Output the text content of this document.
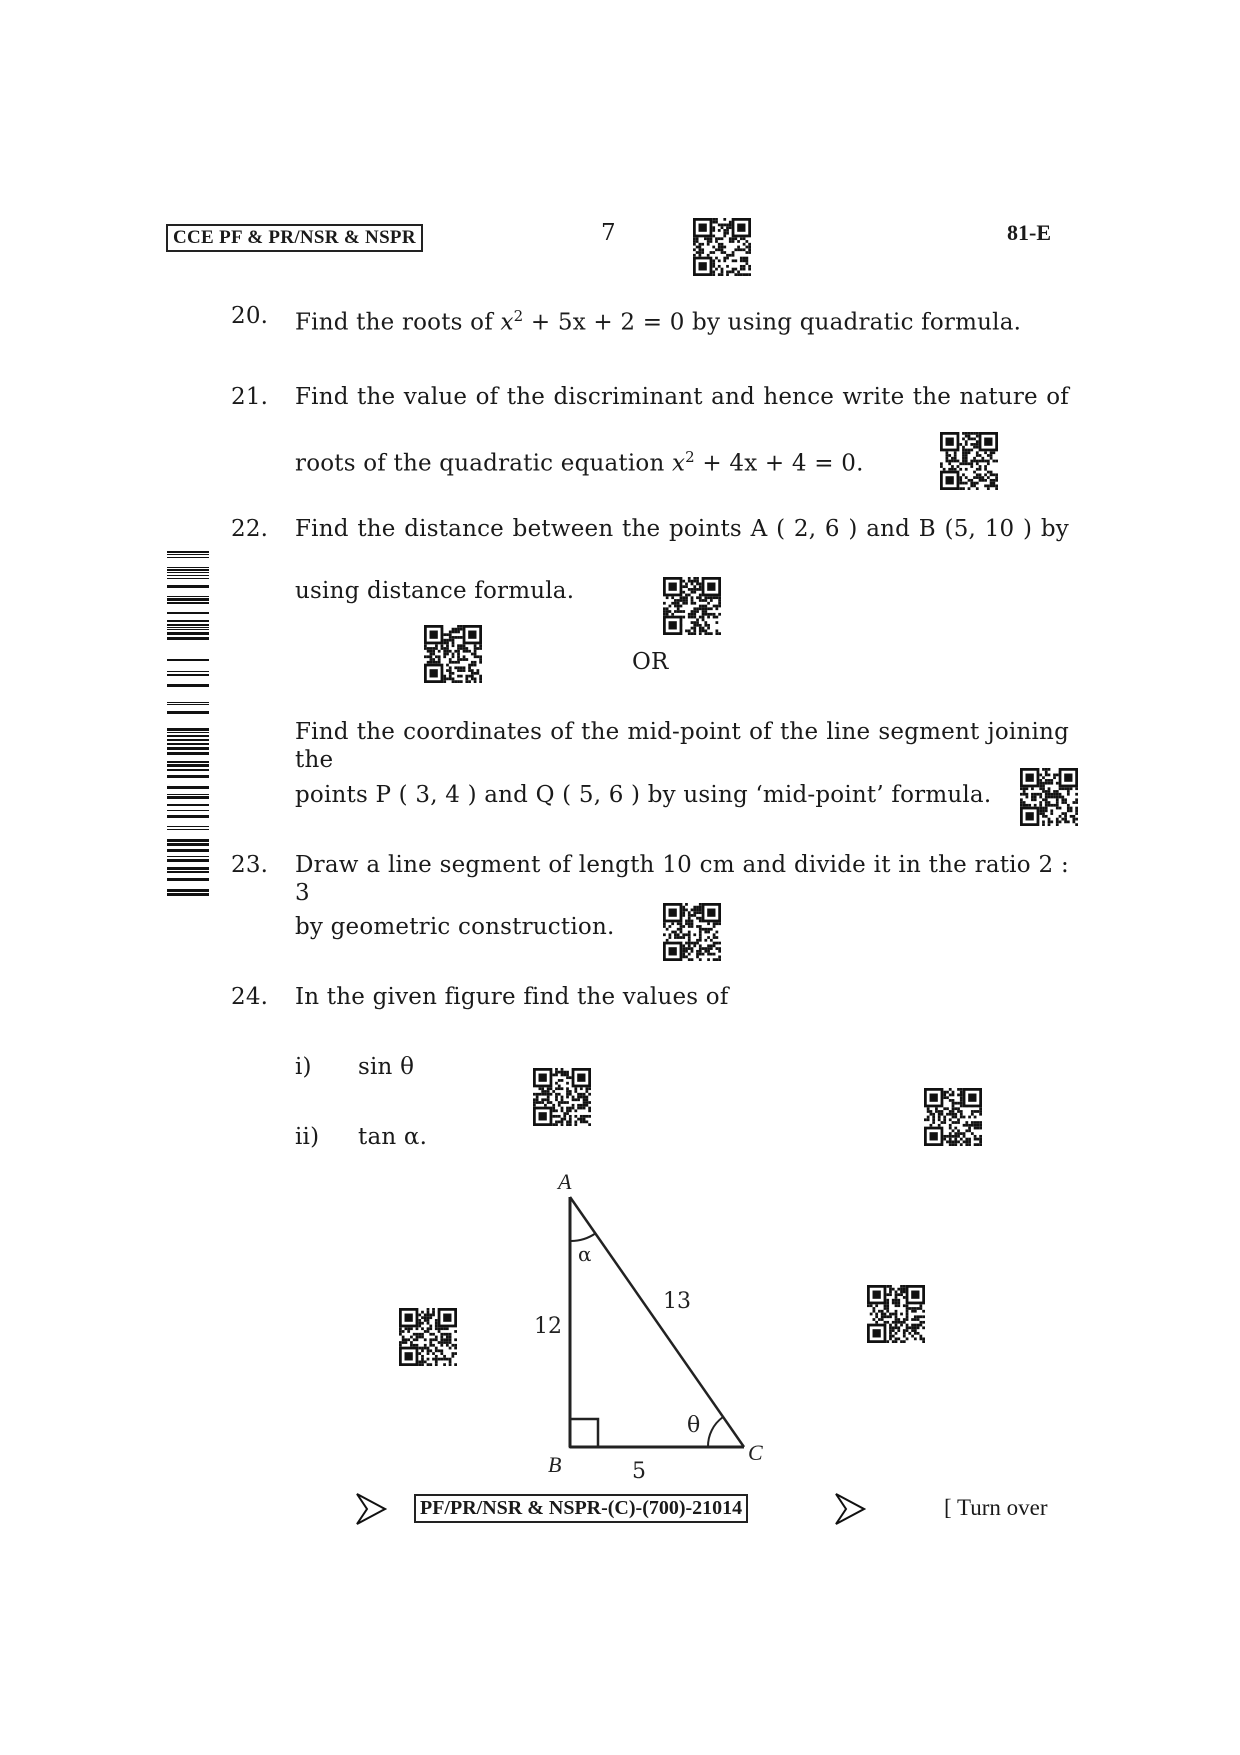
CCE PF & PR/NSR & NSPR	7	81-E
20. Find the roots of $x^2 + 5x + 2 = 0$ by using quadratic formula.
21. Find the value of the discriminant and hence write the nature of
roots of the quadratic equation $x^2 + 4x + 4 = 0$.
22. Find the distance between the points A ( 2, 6 ) and B (5, 10 ) by
using distance formula.
OR
Find the coordinates of the mid-point of the line segment joining the
points P ( 3, 4 ) and Q ( 5, 6 ) by using ‘mid-point’ formula.
23. Draw a line segment of length 10 cm and divide it in the ratio 2 : 3
by geometric construction.
24. In the given figure find the values of
i) sin θ
ii) tan α.
A
B	C
12
5
13
α
θ
PF/PR/NSR & NSPR-(C)-(700)-21014	[ Turn over
